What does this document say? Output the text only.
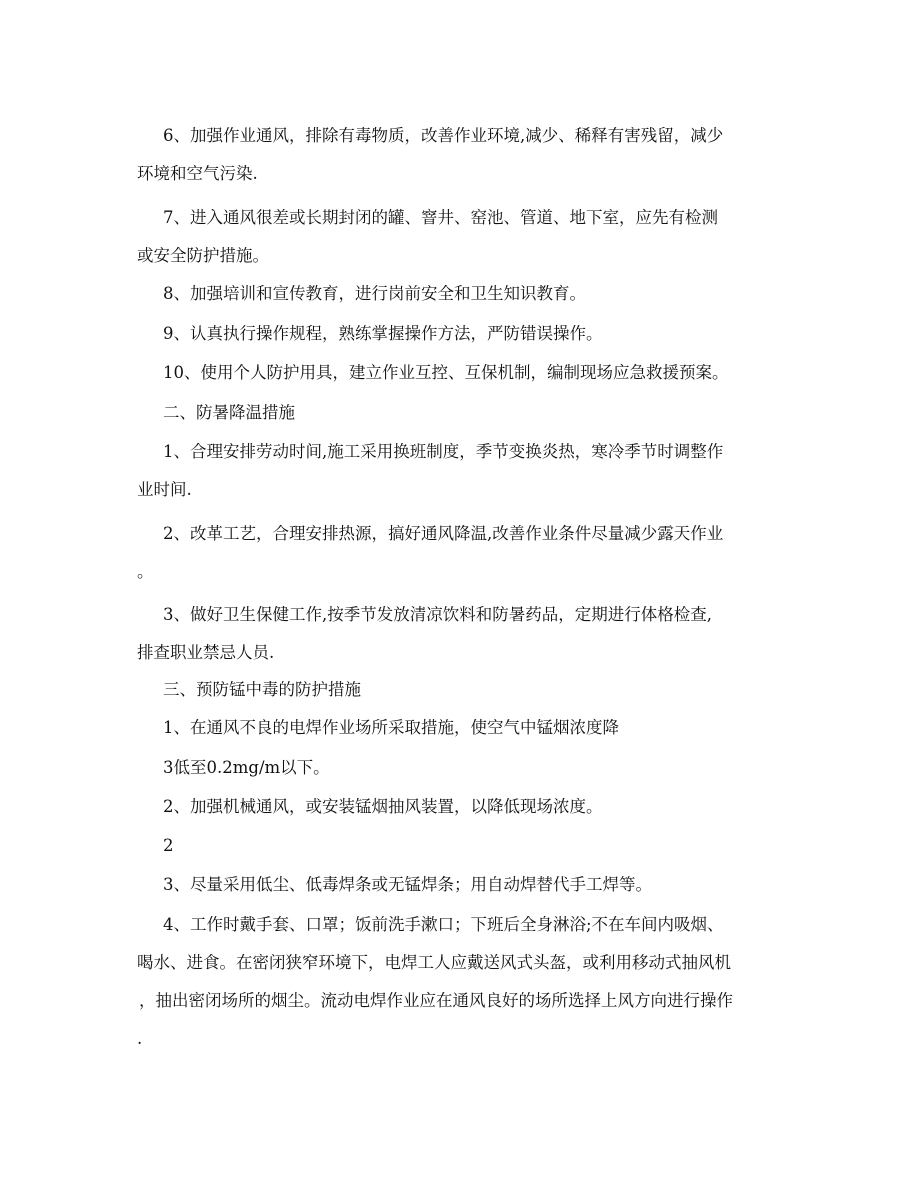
6、加强作业通风，排除有毒物质，改善作业环境,减少、稀释有害残留，减少
环境和空气污染.
7、进入通风很差或长期封闭的罐、窨井、窑池、管道、地下室，应先有检测
或安全防护措施。
8、加强培训和宣传教育，进行岗前安全和卫生知识教育。
9、认真执行操作规程，熟练掌握操作方法，严防错误操作。
10、使用个人防护用具，建立作业互控、互保机制，编制现场应急救援预案。
二、防暑降温措施
1、合理安排劳动时间,施工采用换班制度，季节变换炎热，寒冷季节时调整作
业时间.
2、改革工艺，合理安排热源，搞好通风降温,改善作业条件尽量减少露天作业
。
3、做好卫生保健工作,按季节发放清凉饮料和防暑药品，定期进行体格检查,
排查职业禁忌人员.
三、预防锰中毒的防护措施
1、在通风不良的电焊作业场所采取措施，使空气中锰烟浓度降
3低至0.2mg/m以下。
2、加强机械通风，或安装锰烟抽风装置，以降低现场浓度。
2
3、尽量采用低尘、低毒焊条或无锰焊条；用自动焊替代手工焊等。
4、工作时戴手套、口罩；饭前洗手漱口；下班后全身淋浴;不在车间内吸烟、
喝水、进食。在密闭狭窄环境下，电焊工人应戴送风式头盔，或利用移动式抽风机
，抽出密闭场所的烟尘。流动电焊作业应在通风良好的场所选择上风方向进行操作
.
